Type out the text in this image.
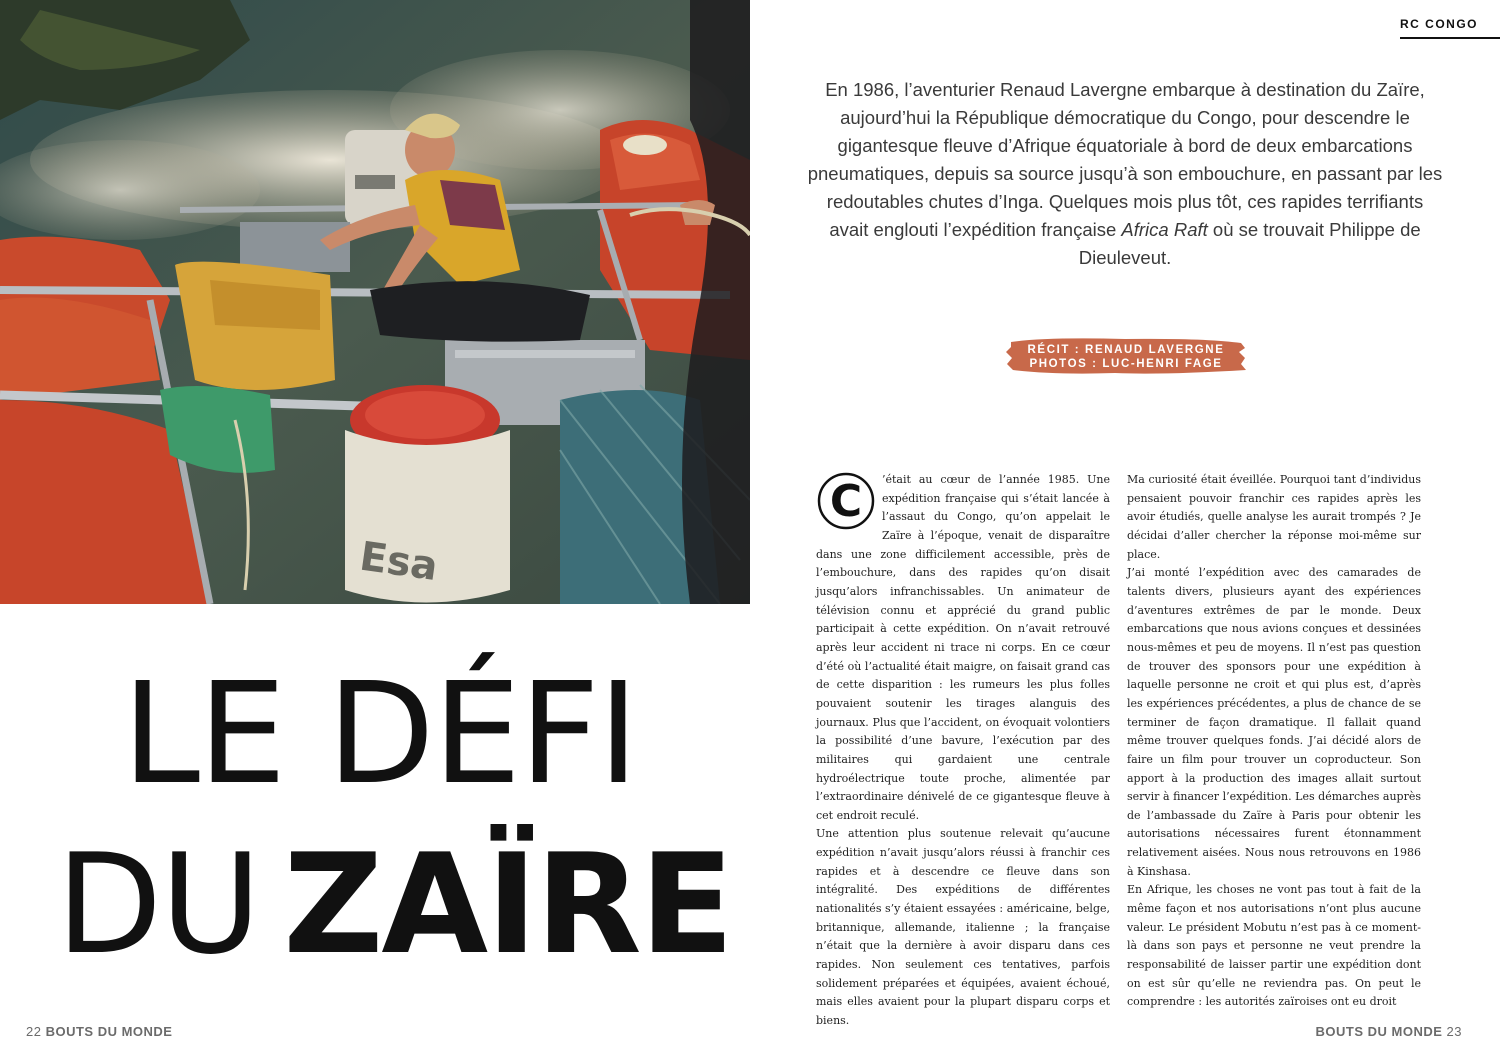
Esa
LE DÉFI
DU ZAÏRE
22 BOUTS DU MONDE	BOUTS DU MONDE 23
RC CONGO

En 1986, l’aventurier Renaud Lavergne embarque à destination du Zaïre, aujourd’hui la République démocratique du Congo, pour descendre le gigantesque fleuve d’Afrique équatoriale à bord de deux embarcations pneumatiques, depuis sa source jusqu’à son embouchure, en passant par les redoutables chutes d’Inga. Quelques mois plus tôt, ces rapides terrifiants avait englouti l’expédition française Africa Raft où se trouvait Philippe de Dieuleveut.

RÉCIT : RENAUD LAVERGNE
PHOTOS : LUC-HENRI FAGE
C	’était au cœur de l’année 1985. Une expédition française qui s’était lancée à l’assaut du Congo, qu’on appelait le Zaïre à l’époque, venait de disparaître dans une zone difficilement accessible, près de l’embouchure, dans des rapides qu’on disait jusqu’alors infranchissables. Un animateur de télévision connu et apprécié du grand public participait à cette expédition. On n’avait retrouvé après leur accident ni trace ni corps. En ce cœur d’été où l’actualité était maigre, on faisait grand cas de cette disparition : les rumeurs les plus folles pouvaient soutenir les tirages alanguis des journaux. Plus que l’accident, on évoquait volontiers la possibilité d’une bavure, l’exécution par des militaires qui gardaient une centrale hydroélectrique toute proche, alimentée par l’extraordinaire dénivelé de ce gigantesque fleuve à cet endroit reculé.

Une attention plus soutenue relevait qu’aucune expédition n’avait jusqu’alors réussi à franchir ces rapides et à descendre ce fleuve dans son intégralité. Des expéditions de différentes nationalités s’y étaient essayées : américaine, belge, britannique, allemande, italienne ; la française n’était que la dernière à avoir disparu dans ces rapides. Non seulement ces tentatives, parfois solidement préparées et équipées, avaient échoué, mais elles avaient pour la plupart disparu corps et biens.

Ma curiosité était éveillée. Pourquoi tant d’individus pensaient pouvoir franchir ces rapides après les avoir étudiés, quelle analyse les aurait trompés ? Je décidai d’aller chercher la réponse moi-même sur place.

J’ai monté l’expédition avec des camarades de talents divers, plusieurs ayant des expériences d’aventures extrêmes de par le monde. Deux embarcations que nous avions conçues et dessinées nous-mêmes et peu de moyens. Il n’est pas question de trouver des sponsors pour une expédition à laquelle personne ne croit et qui plus est, d’après les expériences précédentes, a plus de chance de se terminer de façon dramatique. Il fallait quand même trouver quelques fonds. J’ai décidé alors de faire un film pour trouver un coproducteur. Son apport à la production des images allait surtout servir à financer l’expédition. Les démarches auprès de l’ambassade du Zaïre à Paris pour obtenir les autorisations nécessaires furent étonnamment relativement aisées. Nous nous retrouvons en 1986 à Kinshasa.

En Afrique, les choses ne vont pas tout à fait de la même façon et nos autorisations n’ont plus aucune valeur. Le président Mobutu n’est pas à ce moment-là dans son pays et personne ne veut prendre la responsabilité de laisser partir une expédition dont on est sûr qu’elle ne reviendra pas. On peut le comprendre : les autorités zaïroises ont eu droit
